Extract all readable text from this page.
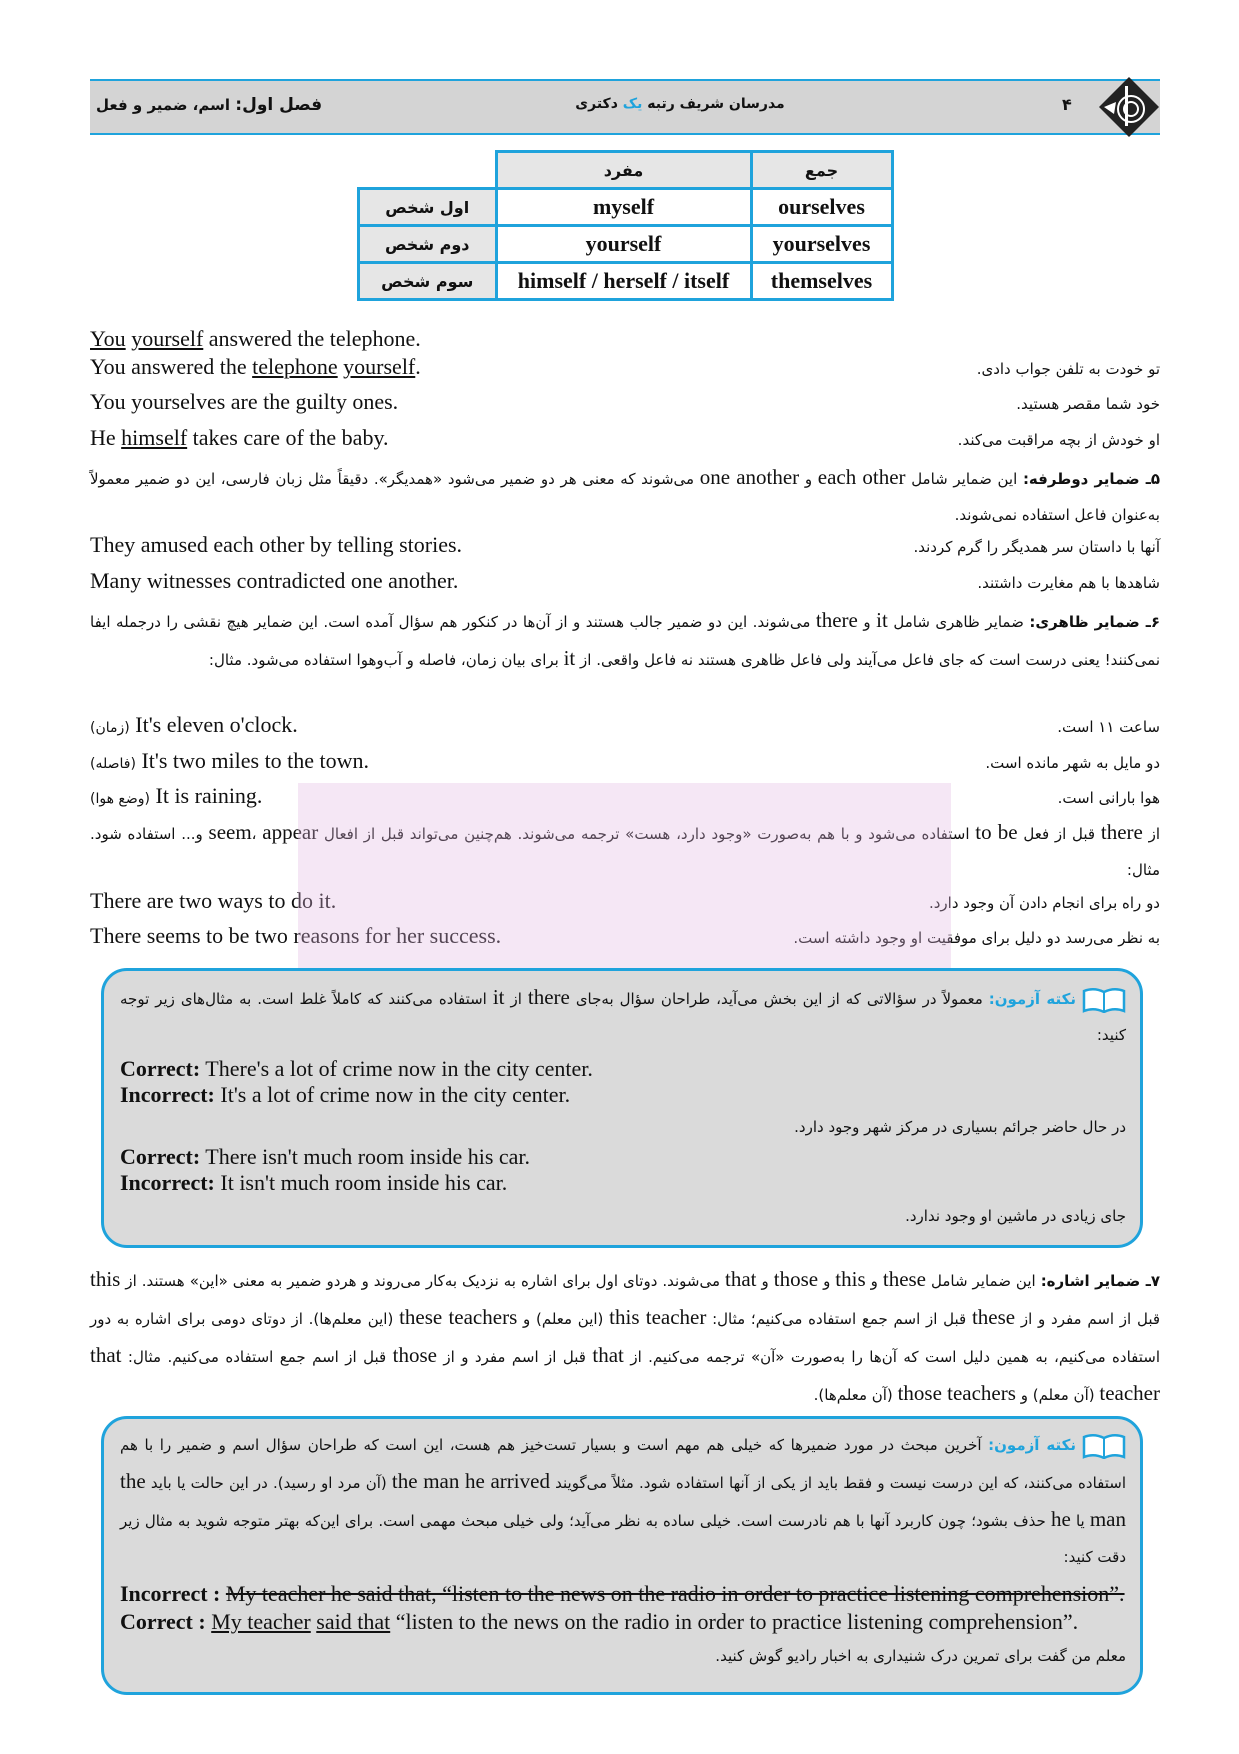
فصل اول: اسم، ضمیر و فعل	مدرسان شریف رتبه یک دکتری	۴
	مفرد	جمع
اول شخص	myself	ourselves
دوم شخص	yourself	yourselves
سوم شخص	himself / herself / itself	themselves
You yourself answered the telephone.
You answered the telephone yourself.	تو خودت به تلفن جواب دادی.
You yourselves are the guilty ones.	خود شما مقصر هستید.
He himself takes care of the baby.	او خودش از بچه مراقبت می‌کند.
۵ـ ضمایر دوطرفه: این ضمایر شامل each other و one another می‌شوند که معنی هر دو ضمیر می‌شود «همدیگر». دقیقاً مثل زبان فارسی، این دو ضمیر معمولاً به‌عنوان فاعل استفاده نمی‌شوند.
They amused each other by telling stories.	آنها با داستان سر همدیگر را گرم کردند.
Many witnesses contradicted one another.	شاهدها با هم مغایرت داشتند.
۶ـ ضمایر ظاهری: ضمایر ظاهری شامل it و there می‌شوند. این دو ضمیر جالب هستند و از آن‌ها در کنکور هم سؤال آمده است. این ضمایر هیچ نقشی را درجمله ایفا نمی‌کنند! یعنی درست است که جای فاعل می‌آیند ولی فاعل ظاهری هستند نه فاعل واقعی. از it برای بیان زمان، فاصله و آب‌وهوا استفاده می‌شود. مثال:
(زمان) It's eleven o'clock.	ساعت ۱۱ است.
(فاصله) It's two miles to the town.	دو مایل به شهر مانده است.
(وضع هوا) It is raining.	هوا بارانی است.
از there قبل از فعل to be استفاده می‌شود و با هم به‌صورت «وجود دارد، هست» ترجمه می‌شوند. هم‌چنین می‌تواند قبل از افعال seem، appear و... استفاده شود. مثال:
There are two ways to do it.	دو راه برای انجام دادن آن وجود دارد.
There seems to be two reasons for her success.	به نظر می‌رسد دو دلیل برای موفقیت او وجود داشته است.
نکته آزمون: معمولاً در سؤالاتی که از این بخش می‌آید، طراحان سؤال به‌جای there از it استفاده می‌کنند که کاملاً غلط است. به مثال‌های زیر توجه کنید:
Correct: There's a lot of crime now in the city center.
Incorrect: It's a lot of crime now in the city center.
در حال حاضر جرائم بسیاری در مرکز شهر وجود دارد.
Correct: There isn't much room inside his car.
Incorrect: It isn't much room inside his car.
جای زیادی در ماشین او وجود ندارد.
۷ـ ضمایر اشاره: این ضمایر شامل these و this و those و that می‌شوند. دوتای اول برای اشاره به نزدیک به‌کار می‌روند و هردو ضمیر به معنی «این» هستند. از this قبل از اسم مفرد و از these قبل از اسم جمع استفاده می‌کنیم؛ مثال: this teacher (این معلم) و these teachers (این معلم‌ها). از دوتای دومی برای اشاره به دور استفاده می‌کنیم، به همین دلیل است که آن‌ها را به‌صورت «آن» ترجمه می‌کنیم. از that قبل از اسم مفرد و از those قبل از اسم جمع استفاده می‌کنیم. مثال: that teacher (آن معلم) و those teachers (آن معلم‌ها).
نکته آزمون: آخرین مبحث در مورد ضمیرها که خیلی هم مهم است و بسیار تست‌خیز هم هست، این است که طراحان سؤال اسم و ضمیر را با هم استفاده می‌کنند، که این درست نیست و فقط باید از یکی از آنها استفاده شود. مثلاً می‌گویند the man he arrived (آن مرد او رسید). در این حالت یا باید the man یا he حذف بشود؛ چون کاربرد آنها با هم نادرست است. خیلی ساده به نظر می‌آید؛ ولی خیلی مبحث مهمی است. برای این‌که بهتر متوجه شوید به مثال زیر دقت کنید:
Incorrect : My teacher he said that, “listen to the news on the radio in order to practice listening comprehension”.
Correct : My teacher said that “listen to the news on the radio in order to practice listening comprehension”.
معلم من گفت برای تمرین درک شنیداری به اخبار رادیو گوش کنید.
